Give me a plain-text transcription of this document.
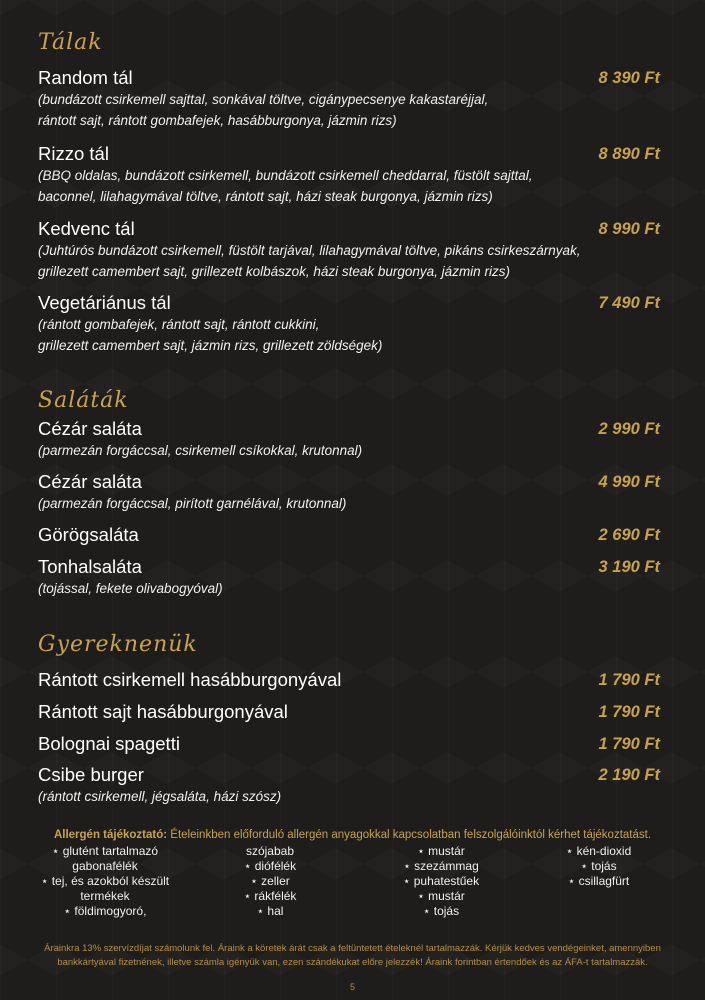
Tálak
Random tál	8 390 Ft
(bundázott csirkemell sajttal, sonkával töltve, cigánypecsenye kakastaréjjal,
rántott sajt, rántott gombafejek, hasábburgonya, jázmin rizs)
Rizzo tál	8 890 Ft
(BBQ oldalas, bundázott csirkemell, bundázott csirkemell cheddarral, füstölt sajttal,
baconnel, lilahagymával töltve, rántott sajt, házi steak burgonya, jázmin rizs)
Kedvenc tál	8 990 Ft
(Juhtúrós bundázott csirkemell, füstölt tarjával, lilahagymával töltve, pikáns csirkeszárnyak,
grillezett camembert sajt, grillezett kolbászok, házi steak burgonya, jázmin rizs)
Vegetáriánus tál	7 490 Ft
(rántott gombafejek, rántott sajt, rántott cukkini,
grillezett camembert sajt, jázmin rizs, grillezett zöldségek)
Saláták
Cézár saláta	2 990 Ft
(parmezán forgáccsal, csirkemell csíkokkal, krutonnal)
Cézár saláta	4 990 Ft
(parmezán forgáccsal, pirított garnélával, krutonnal)
Görögsaláta	2 690 Ft
Tonhalsaláta	3 190 Ft
(tojással, fekete olivabogyóval)
Gyereknenük
Rántott csirkemell hasábburgonyával	1 790 Ft
Rántott sajt hasábburgonyával	1 790 Ft
Bolognai spagetti	1 790 Ft
Csibe burger	2 190 Ft
(rántott csirkemell, jégsaláta, házi szósz)
Allergén tájékoztató: Ételeinkben előforduló allergén anyagokkal kapcsolatban felszolgálóinktól kérhet tájékoztatást.
⋆ glutént tartalmazó
gabonafélék
⋆ tej, és azokból készült
termékek
⋆ földimogyoró,
szójabab
⋆ diófélék
⋆ zeller
⋆ rákfélék
⋆ hal
⋆ mustár
⋆ szezámmag
⋆ puhatestűek
⋆ mustár
⋆ tojás
⋆ kén-dioxid
⋆ tojás
⋆ csillagfürt
Árainkra 13% szervízdíjat számolunk fel. Áraink a köretek árát csak a feltüntetett ételeknél tartalmazzák. Kérjük kedves vendégeinket, amennyiben
bankkártyával fizetnének, illetve számla igényük van, ezen szándékukat előre jelezzék! Áraink forintban értendőek és az ÁFA-t tartalmazzák.
5
